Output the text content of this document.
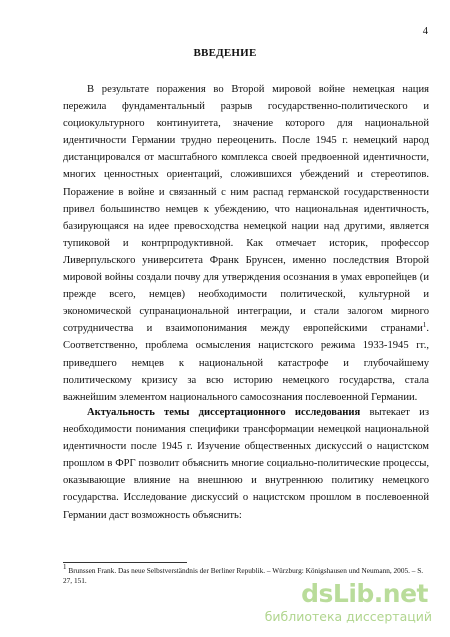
4
ВВЕДЕНИЕ
В результате поражения во Второй мировой войне немецкая нация
пережила фундаментальный разрыв государственно-политического и
социокультурного континуитета, значение которого для национальной
идентичности Германии трудно переоценить. После 1945 г. немецкий народ
дистанцировался от масштабного комплекса своей предвоенной идентичности,
многих ценностных ориентаций, сложившихся убеждений и стереотипов.
Поражение в войне и связанный с ним распад германской государственности
привел большинство немцев к убеждению, что национальная идентичность,
базирующаяся на идее превосходства немецкой нации над другими, является
тупиковой и контрпродуктивной. Как отмечает историк, профессор
Ливерпульского университета Франк Брунсен, именно последствия Второй
мировой войны создали почву для утверждения осознания в умах европейцев (и
прежде всего, немцев) необходимости политической, культурной и
экономической супранациональной интеграции, и стали залогом мирного
сотрудничества и взаимопонимания между европейскими странами$^1$.
Соответственно, проблема осмысления нацистского режима 1933-1945 гг.,
приведшего немцев к национальной катастрофе и глубочайшему
политическому кризису за всю историю немецкого государства, стала
важнейшим элементом национального самосознания послевоенной Германии.
Актуальность темы диссертационного исследования вытекает из
необходимости понимания специфики трансформации немецкой национальной
идентичности после 1945 г. Изучение общественных дискуссий о нацистском
прошлом в ФРГ позволит объяснить многие социально-политические процессы,
оказывающие влияние на внешнюю и внутреннюю политику немецкого
государства. Исследование дискуссий о нацистском прошлом в послевоенной
Германии даст возможность объяснить:
$^1$ Brunssen Frank. Das neue Selbstverständnis der Berliner Republik. – Würzburg: Königshausen und Neumann, 2005. – S. 27, 151.	dsLib.net
библиотека диссертаций
